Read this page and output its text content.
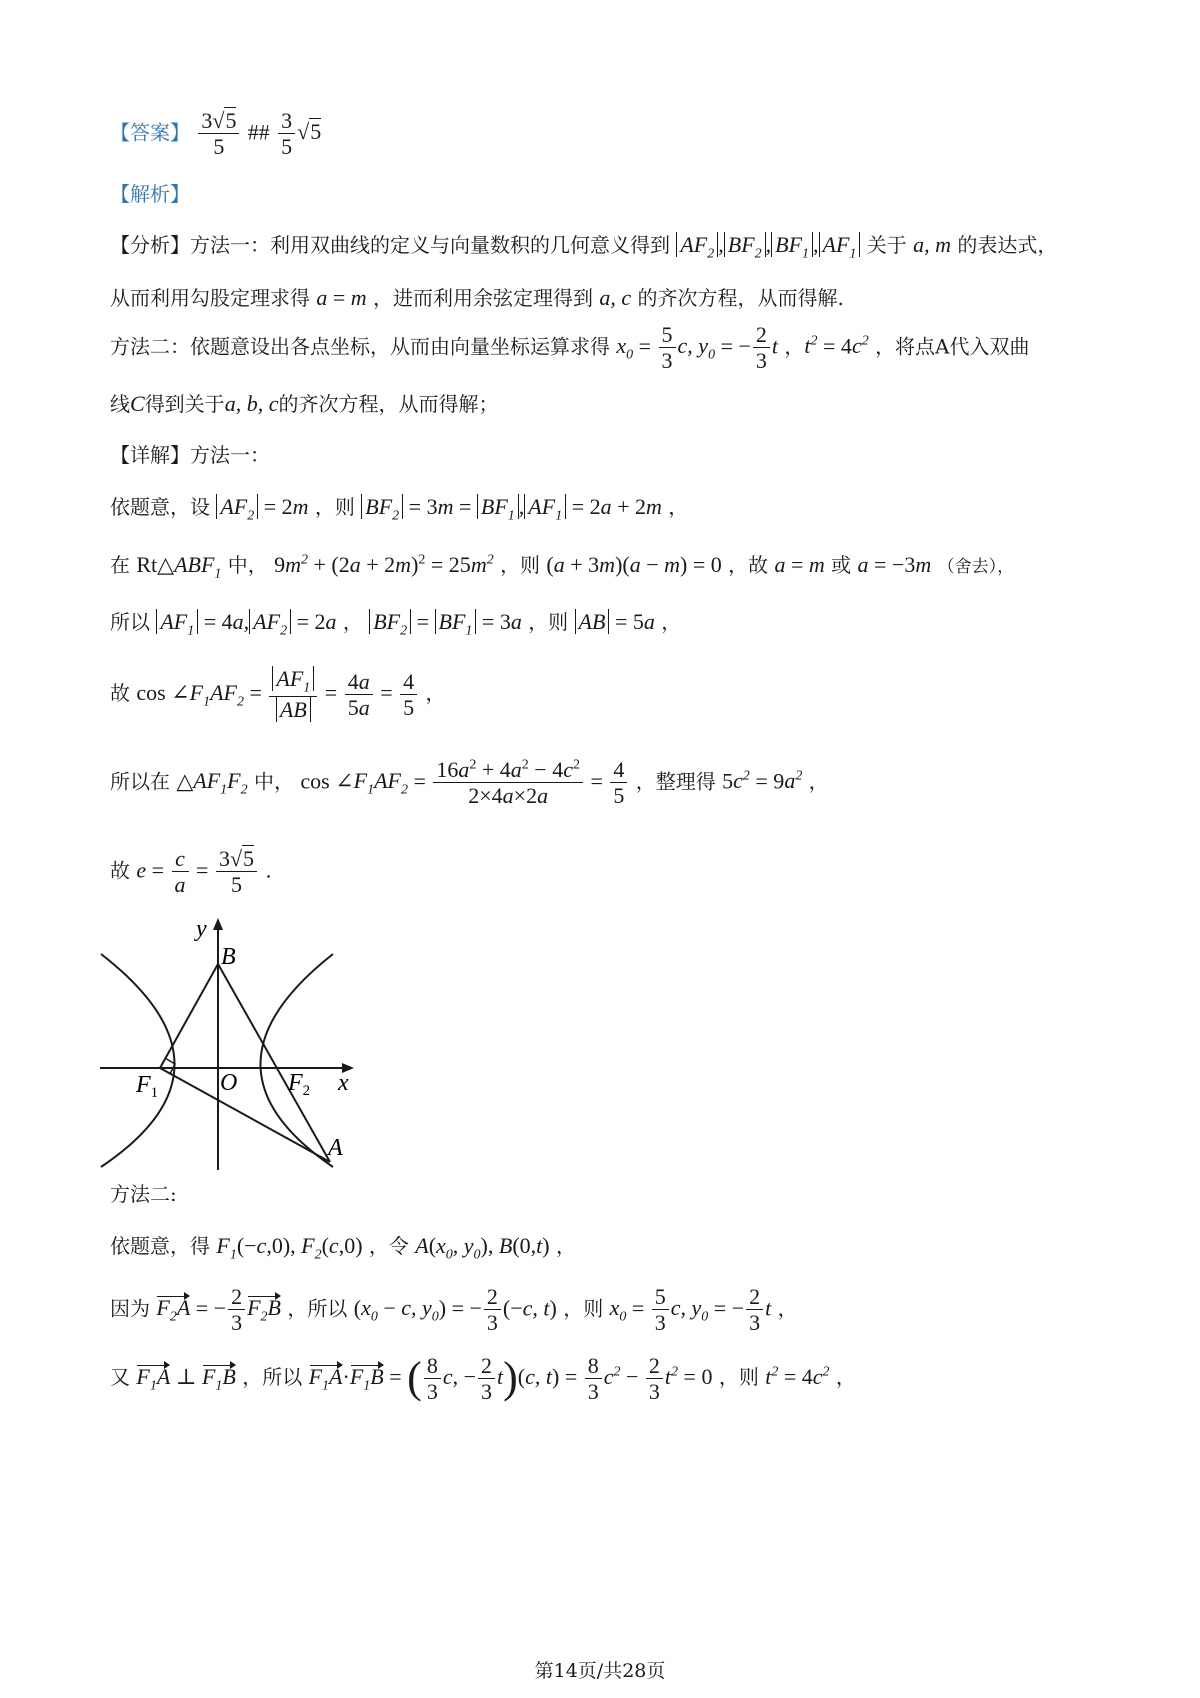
【答案】 $\frac{3√5}{5}$ ## $\frac{3}{5} √5$
【解析】
【分析】方法一：利用双曲线的定义与向量数积的几何意义得到 $AF_2$ , $BF_2$ , $BF_1$ , $AF_1$ 关于 a, m 的表达式，
从而利用勾股定理求得 a = m ，进而利用余弦定理得到 a, c 的齐次方程，从而得解.
方法二：依题意设出各点坐标，从而由向量坐标运算求得 $x_0 = \frac{5}{3} c$, $y_0$ = − $\frac{2}{3}$ t ，$t^2 = 4c^2$ ，将点A代入双曲
线C得到关于a, b, c的齐次方程，从而得解；
【详解】方法一：
依题意，设 $AF_2 = 2m$ ，则 $BF_2 = 3m = BF_1$ , $AF_1 = 2a + 2m$ ，
在 $Rt\triangle ABF_1$ 中， $9m^2 + (2a + 2m)^2 = 25m^2$ ，则 (a + 3m)(a − m) = 0 ，故 a = m 或 a = −3m （舍去），
所以 $AF_1 = 4a$, $AF_2 = 2a$ ， $BF_2 = BF_1 = 3a$ ，则 AB = 5a ，
故 $\cos \angle F_1AF_2 = \frac{AF_1}{AB} = \frac{4a}{5a} = \frac{4}{5}$ ，
所以在 $\triangle AF_1F_2$ 中， $\cos \angle F_1AF_2 = \frac{16a^2 + 4a^2 - 4c^2}{2\times 4a\times 2a} = \frac{4}{5}$ ，整理得 $5c^2 = 9a^2$ ，
故 $e = \frac{c}{a} = \frac{3√5}{5}$ .
y
B
O
$F_1$	$F_2$ x
A
方法二:
依题意，得 $F_1(-c,0)$, $F_2(c,0)$ ，令 $A(x_0$, $y_0$), B(0,t) ，
因为 $F_2A$ = − $\frac{2}{3} F_2B$ ，所以 ($x_0 - c$, $y_0$) = − $\frac{2}{3} (-c$, t) ，则 $x_0 = \frac{5}{3} c$, $y_0$ = − $\frac{2}{3}$ t ，
又 $F_1A$ ⊥ $F_1B$ ，所以 $F_1A\cdot F_1B$ = ( $\frac{8}{3} c$, − $\frac{2}{3} t)(c$, $t) = \frac{8}{3} c^2 - \frac{2}{3} t^2 = 0$ ，则 $t^2 = 4c^2$ ，
第14页/共28页
